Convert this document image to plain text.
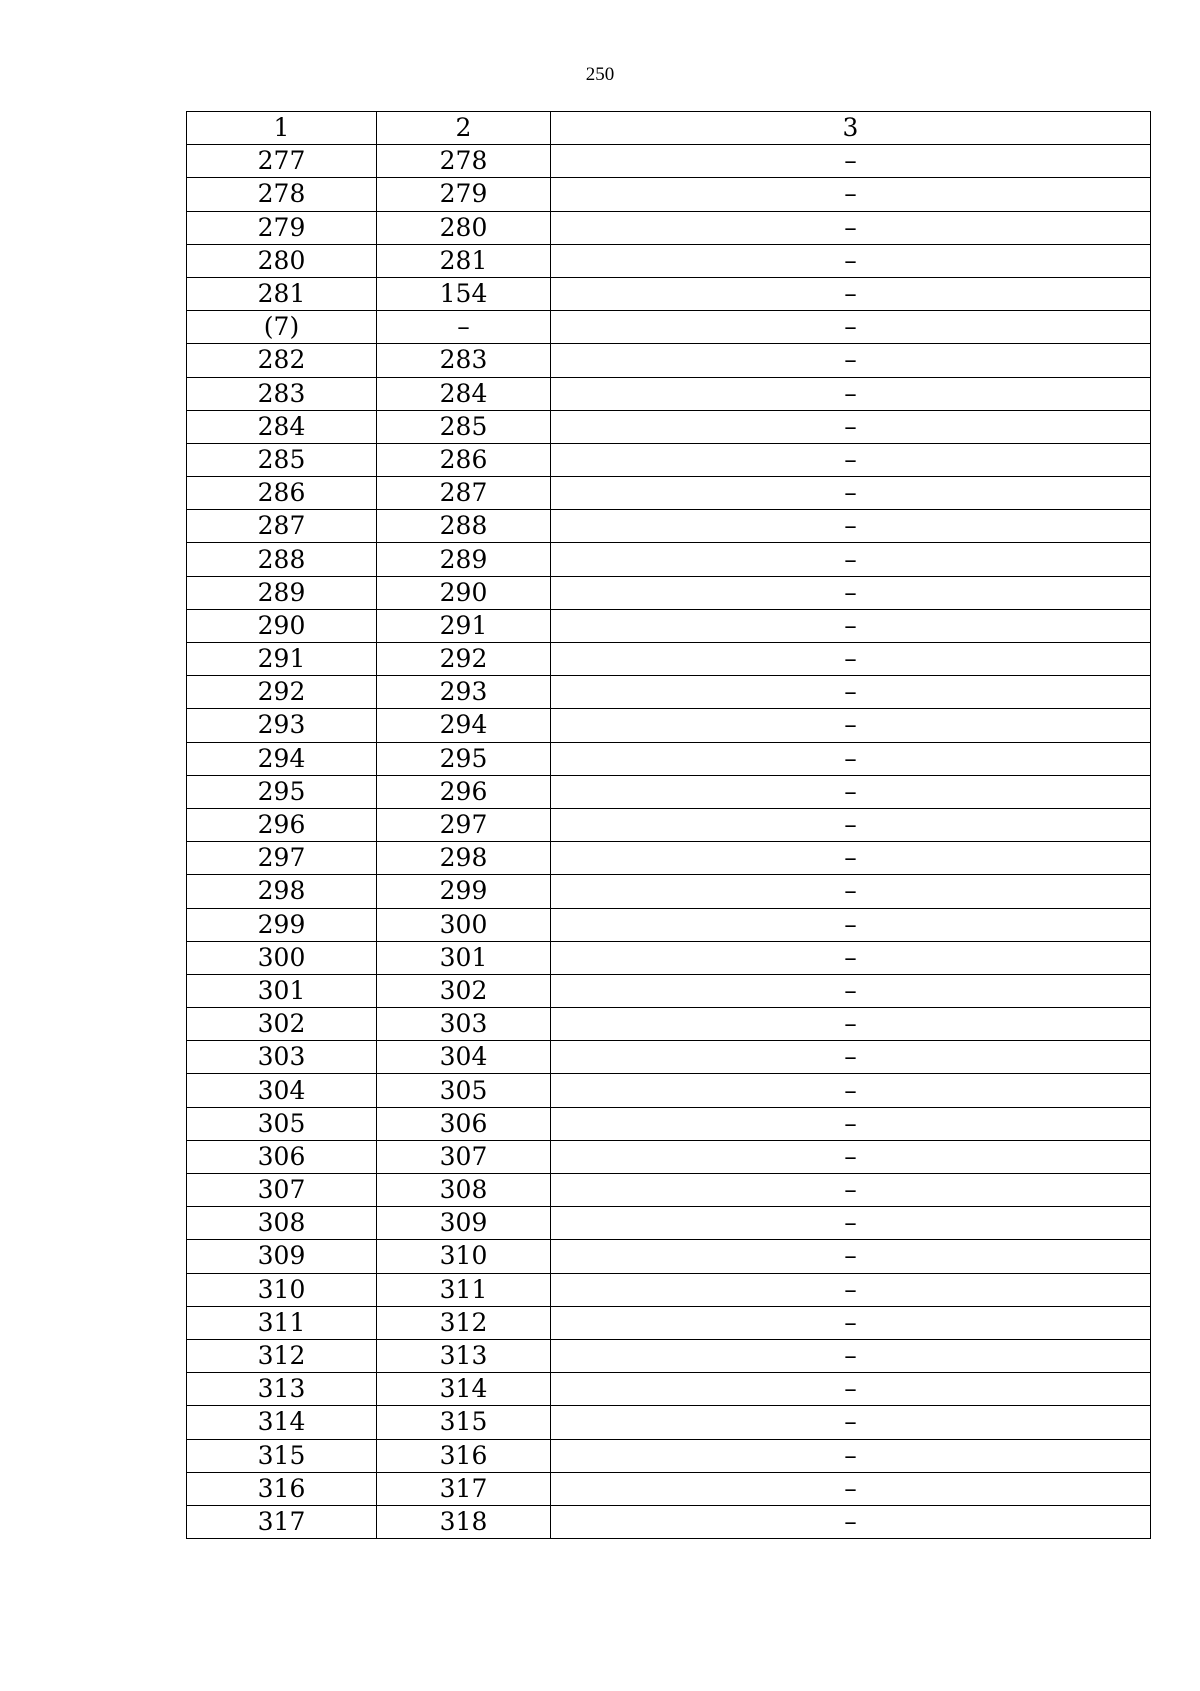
250
1	2	3
277	278	–
278	279	–
279	280	–
280	281	–
281	154	–
(7)	–	–
282	283	–
283	284	–
284	285	–
285	286	–
286	287	–
287	288	–
288	289	–
289	290	–
290	291	–
291	292	–
292	293	–
293	294	–
294	295	–
295	296	–
296	297	–
297	298	–
298	299	–
299	300	–
300	301	–
301	302	–
302	303	–
303	304	–
304	305	–
305	306	–
306	307	–
307	308	–
308	309	–
309	310	–
310	311	–
311	312	–
312	313	–
313	314	–
314	315	–
315	316	–
316	317	–
317	318	–
